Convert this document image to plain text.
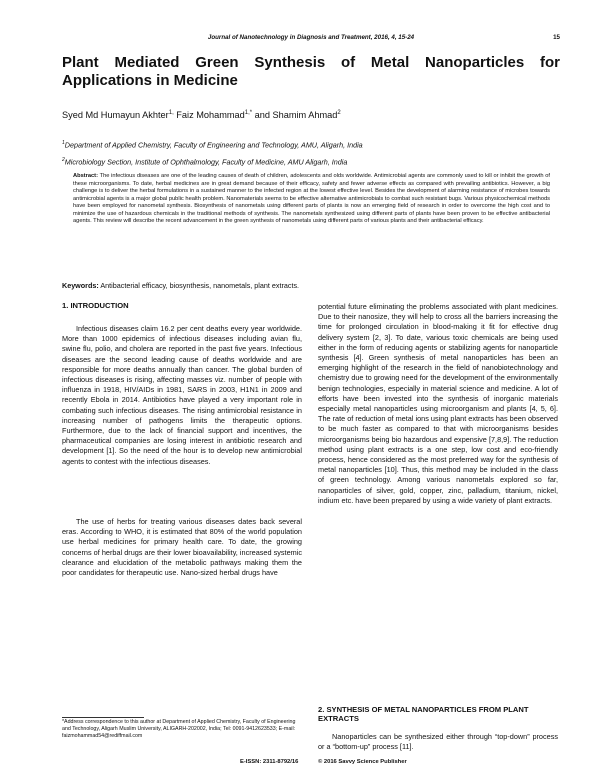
Journal of Nanotechnology in Diagnosis and Treatment, 2016, 4, 15-24	15
Plant Mediated Green Synthesis of Metal Nanoparticles for Applications in Medicine
Syed Md Humayun Akhter$^{1,}$ Faiz Mohammad$^{1,*}$ and Shamim Ahmad$^2$
$^1$Department of Applied Chemistry, Faculty of Engineering and Technology, AMU, Aligarh, India
$^2$Microbiology Section, Institute of Ophthalmology, Faculty of Medicine, AMU Aligarh, India
Abstract: The infectious diseases are one of the leading causes of death of children, adolescents and olds worldwide. Antimicrobial agents are commonly used to kill or inhibit the growth of these microorganisms. To date, herbal medicines are in great demand because of their efficacy, safety and fewer adverse effects as compared with prevailing antibiotics. However, a big challenge is to deliver the herbal formulations in a sustained manner to the infected region at the lowest effective level. Besides the development of alarming resistance of microbes towards antimicrobial agents is a major global public health problem. Nanomaterials seems to be effective alternative antimicrobials to combat such resistant bugs. Various physicochemical methods have been employed for nanometal synthesis. Biosynthesis of nanometals using different parts of plants is now an emerging field of research in order to overcome the high cost and to minimize the use of hazardous chemicals in the traditional methods of synthesis. The nanometals synthesized using different parts of plants have been proven to be effective antibacterial agents. This review will describe the recent advancement in the green synthesis of nanometals using different parts of various plants and their antibacterial efficacy.
Keywords: Antibacterial efficacy, biosynthesis, nanometals, plant extracts.
1. INTRODUCTION

Infectious diseases claim 16.2 per cent deaths every year worldwide. More than 1000 epidemics of infectious diseases including avian flu, swine flu, polio, and cholera are reported in the past five years. Infectious diseases are the second leading cause of deaths worldwide and are responsible for more deaths annually than cancer. The global burden of infectious diseases is rising, affecting masses viz. number of people with influenza in 1918, HIV/AIDs in 1981, SARS in 2003, H1N1 in 2009 and recently Ebola in 2014. Antibiotics have played a very important role in combating such infectious diseases. The rising antimicrobial resistance in increasing number of pathogens limits the therapeutic options. Furthermore, due to the lack of financial support and incentives, the pharmaceutical companies are losing interest in antibiotic research and development [1]. So the need of the hour is to develop new antimicrobial agents to contest with the infectious diseases.

The use of herbs for treating various diseases dates back several eras. According to WHO, it is estimated that 80% of the world population use herbal medicines for primary health care. To date, the growing concerns of herbal drugs are their lower bioavailability, increased systemic clearance and elucidation of the metabolic pathways making them the poor candidates for therapeutic use. Nano-sized herbal drugs have

*Address correspondence to this author at Department of Applied Chemistry, Faculty of Engineering and Technology, Aligarh Muslim University, ALIGARH-202002, India; Tel: 0091-9412623533; E-mail: faizmohammad54@rediffmail.com

potential future eliminating the problems associated with plant medicines. Due to their nanosize, they will help to cross all the barriers increasing the time for prolonged circulation in blood-making it fit for effective drug delivery system [2, 3]. To date, various toxic chemicals are being used either in the form of reducing agents or stabilizing agents for nanoparticle synthesis [4]. Green synthesis of metal nanoparticles has been an emerging highlight of the research in the field of nanobiotechnology and chemistry due to growing need for the development of the environmentally benign technologies, especially in material science and medicine. A lot of efforts have been invested into the synthesis of inorganic materials especially metal nanoparticles using microorganism and plants [4, 5, 6]. The rate of reduction of metal ions using plant extracts has been observed to be much faster as compared to that with microorganisms besides microorganisms being bio hazardous and expensive [7,8,9]. The reduction method using plant extracts is a one step, low cost and eco-friendly process, hence considered as the most preferred way for the synthesis of metal nanoparticles [10]. Thus, this method may be included in the class of green technology. Among various nanometals explored so far, nanoparticles of silver, gold, copper, zinc, palladium, titanium, nickel, indium etc. have been prepared by using a wide variety of plant extracts.

2. SYNTHESIS OF METAL NANOPARTICLES FROM PLANT EXTRACTS

Nanoparticles can be synthesized either through “top-down” process or a “bottom-up” process [11].

E-ISSN: 2311-8792/16	© 2016 Savvy Science Publisher
